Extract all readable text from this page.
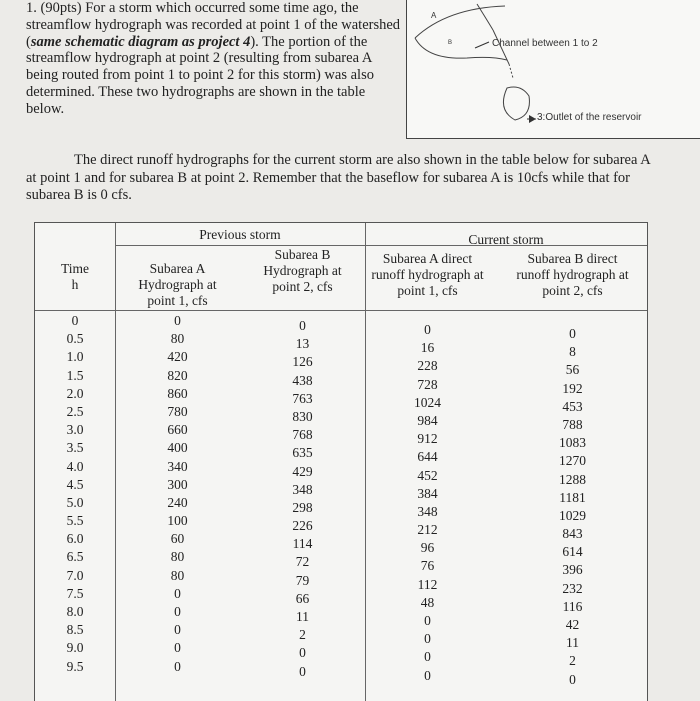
1. (90pts) For a storm which occurred some time ago, the streamflow hydrograph was recorded at point 1 of the watershed (same schematic diagram as project 4). The portion of the streamflow hydrograph at point 2 (resulting from subarea A being routed from point 1 to point 2 for this storm) was also determined. These two hydrographs are shown in the table below.
A
B	Channel between 1 to 2
3:Outlet of the reservoir
The direct runoff hydrographs for the current storm are also shown in the table below for subarea A at point 1 and for subarea B at point 2. Remember that the baseflow for subarea A is 10cfs while that for subarea B is 0 cfs.
Previous storm	Current storm
Time
h
Subarea A
Hydrograph at
point 1, cfs
Subarea B
Hydrograph at
point 2, cfs
Subarea A direct
runoff hydrograph at
point 1, cfs
Subarea B direct
runoff hydrograph at
point 2, cfs
0
0.5
1.0
1.5
2.0
2.5
3.0
3.5
4.0
4.5
5.0
5.5
6.0
6.5
7.0
7.5
8.0
8.5
9.0
9.5
0
80
420
820
860
780
660
400
340
300
240
100
60
80
80
0
0
0
0
0
0
13
126
438
763
830
768
635
429
348
298
226
114
72
79
66
11
2
0
0
0
16
228
728
1024
984
912
644
452
384
348
212
96
76
112
48
0
0
0
0
0
8
56
192
453
788
1083
1270
1288
1181
1029
843
614
396
232
116
42
11
2
0
